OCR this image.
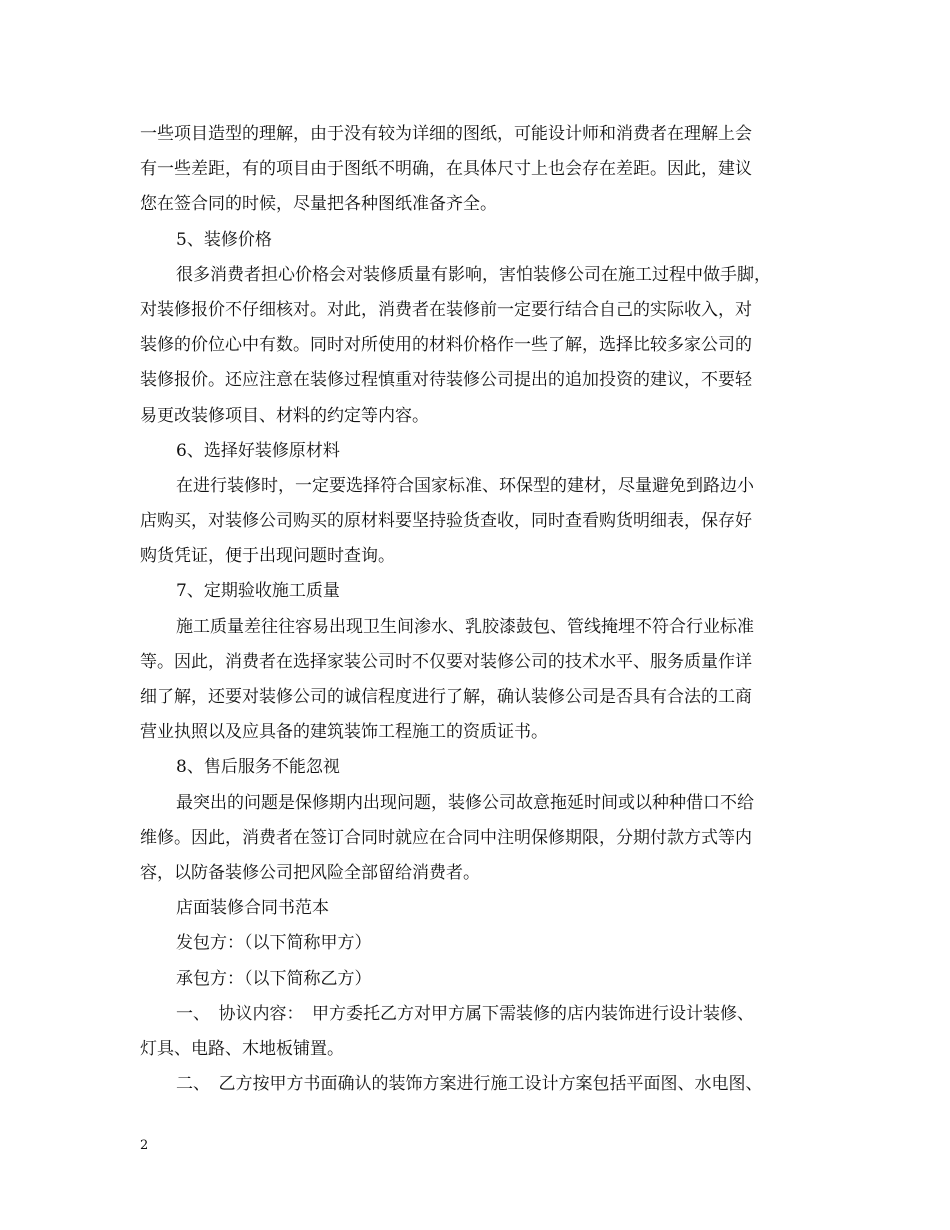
一些项目造型的理解，由于没有较为详细的图纸，可能设计师和消费者在理解上会
有一些差距，有的项目由于图纸不明确，在具体尺寸上也会存在差距。因此，建议
您在签合同的时候，尽量把各种图纸准备齐全。
5、装修价格
很多消费者担心价格会对装修质量有影响，害怕装修公司在施工过程中做手脚，
对装修报价不仔细核对。对此，消费者在装修前一定要行结合自己的实际收入，对
装修的价位心中有数。同时对所使用的材料价格作一些了解，选择比较多家公司的
装修报价。还应注意在装修过程慎重对待装修公司提出的追加投资的建议，不要轻
易更改装修项目、材料的约定等内容。
6、选择好装修原材料
在进行装修时，一定要选择符合国家标准、环保型的建材，尽量避免到路边小
店购买，对装修公司购买的原材料要坚持验货查收，同时查看购货明细表，保存好
购货凭证，便于出现问题时查询。
7、定期验收施工质量
施工质量差往往容易出现卫生间渗水、乳胶漆鼓包、管线掩埋不符合行业标准
等。因此，消费者在选择家装公司时不仅要对装修公司的技术水平、服务质量作详
细了解，还要对装修公司的诚信程度进行了解，确认装修公司是否具有合法的工商
营业执照以及应具备的建筑装饰工程施工的资质证书。
8、售后服务不能忽视
最突出的问题是保修期内出现问题，装修公司故意拖延时间或以种种借口不给
维修。因此，消费者在签订合同时就应在合同中注明保修期限，分期付款方式等内
容，以防备装修公司把风险全部留给消费者。
店面装修合同书范本
发包方：（以下简称甲方）
承包方：（以下简称乙方）
一、　协议内容：　甲方委托乙方对甲方属下需装修的店内装饰进行设计装修、
灯具、电路、木地板铺置。
二、　乙方按甲方书面确认的装饰方案进行施工设计方案包括平面图、水电图、
2
